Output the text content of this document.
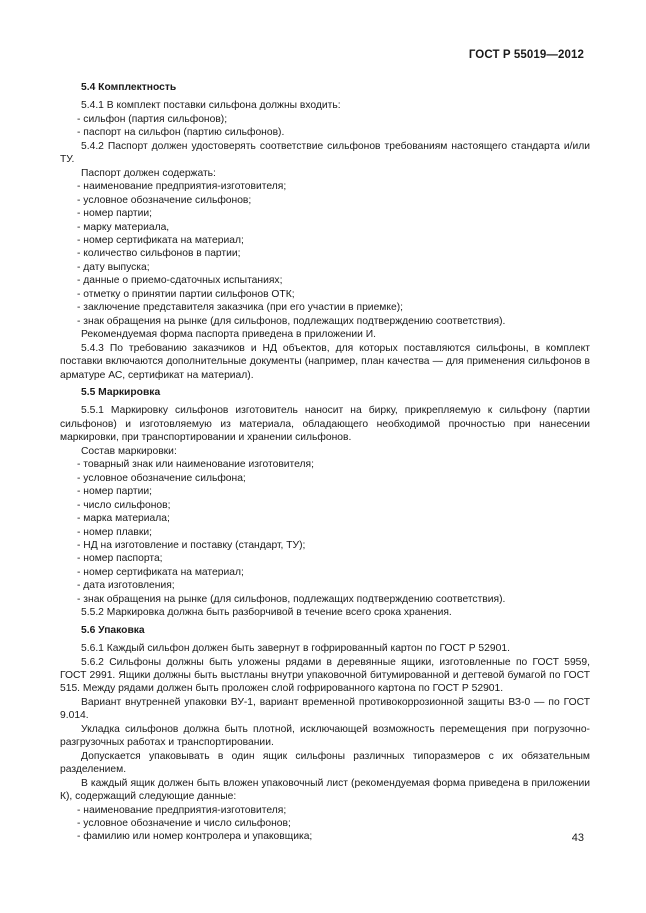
ГОСТ Р 55019—2012

5.4 Комплектность

5.4.1 В комплект поставки сильфона должны входить:

- сильфон (партия сильфонов);

- паспорт на сильфон (партию сильфонов).

5.4.2 Паспорт должен удостоверять соответствие сильфонов требованиям настоящего стандарта и/или ТУ.

Паспорт должен содержать:

- наименование предприятия-изготовителя;

- условное обозначение сильфонов;

- номер партии;

- марку материала,

- номер сертификата на материал;

- количество сильфонов в партии;

- дату выпуска;

- данные о приемо-сдаточных испытаниях;

- отметку о принятии партии сильфонов ОТК;

- заключение представителя заказчика (при его участии в приемке);

- знак обращения на рынке (для сильфонов, подлежащих подтверждению соответствия).

Рекомендуемая форма паспорта приведена в приложении И.

5.4.3 По требованию заказчиков и НД объектов, для которых поставляются сильфоны, в комплект поставки включаются дополнительные документы (например, план качества — для применения сильфонов в арматуре АС, сертификат на материал).

5.5 Маркировка

5.5.1 Маркировку сильфонов изготовитель наносит на бирку, прикрепляемую к сильфону (партии сильфонов) и изготовляемую из материала, обладающего необходимой прочностью при нанесении маркировки, при транспортировании и хранении сильфонов.

Состав маркировки:

- товарный знак или наименование изготовителя;

- условное обозначение сильфона;

- номер партии;

- число сильфонов;

- марка материала;

- номер плавки;

- НД на изготовление и поставку (стандарт, ТУ);

- номер паспорта;

- номер сертификата на материал;

- дата изготовления;

- знак обращения на рынке (для сильфонов, подлежащих подтверждению соответствия).

5.5.2 Маркировка должна быть разборчивой в течение всего срока хранения.

5.6 Упаковка

5.6.1 Каждый сильфон должен быть завернут в гофрированный картон по ГОСТ Р 52901.

5.6.2 Сильфоны должны быть уложены рядами в деревянные ящики, изготовленные по ГОСТ 5959, ГОСТ 2991. Ящики должны быть выстланы внутри упаковочной битумированной и дегтевой бумагой по ГОСТ 515. Между рядами должен быть проложен слой гофрированного картона по ГОСТ Р 52901.

Вариант внутренней упаковки ВУ-1, вариант временной противокоррозионной защиты ВЗ-0 — по ГОСТ 9.014.

Укладка сильфонов должна быть плотной, исключающей возможность перемещения при погрузочно-разгрузочных работах и транспортировании.

Допускается упаковывать в один ящик сильфоны различных типоразмеров с их обязательным разделением.

В каждый ящик должен быть вложен упаковочный лист (рекомендуемая форма приведена в приложении К), содержащий следующие данные:

- наименование предприятия-изготовителя;

- условное обозначение и число сильфонов;

- фамилию или номер контролера и упаковщика;	43
